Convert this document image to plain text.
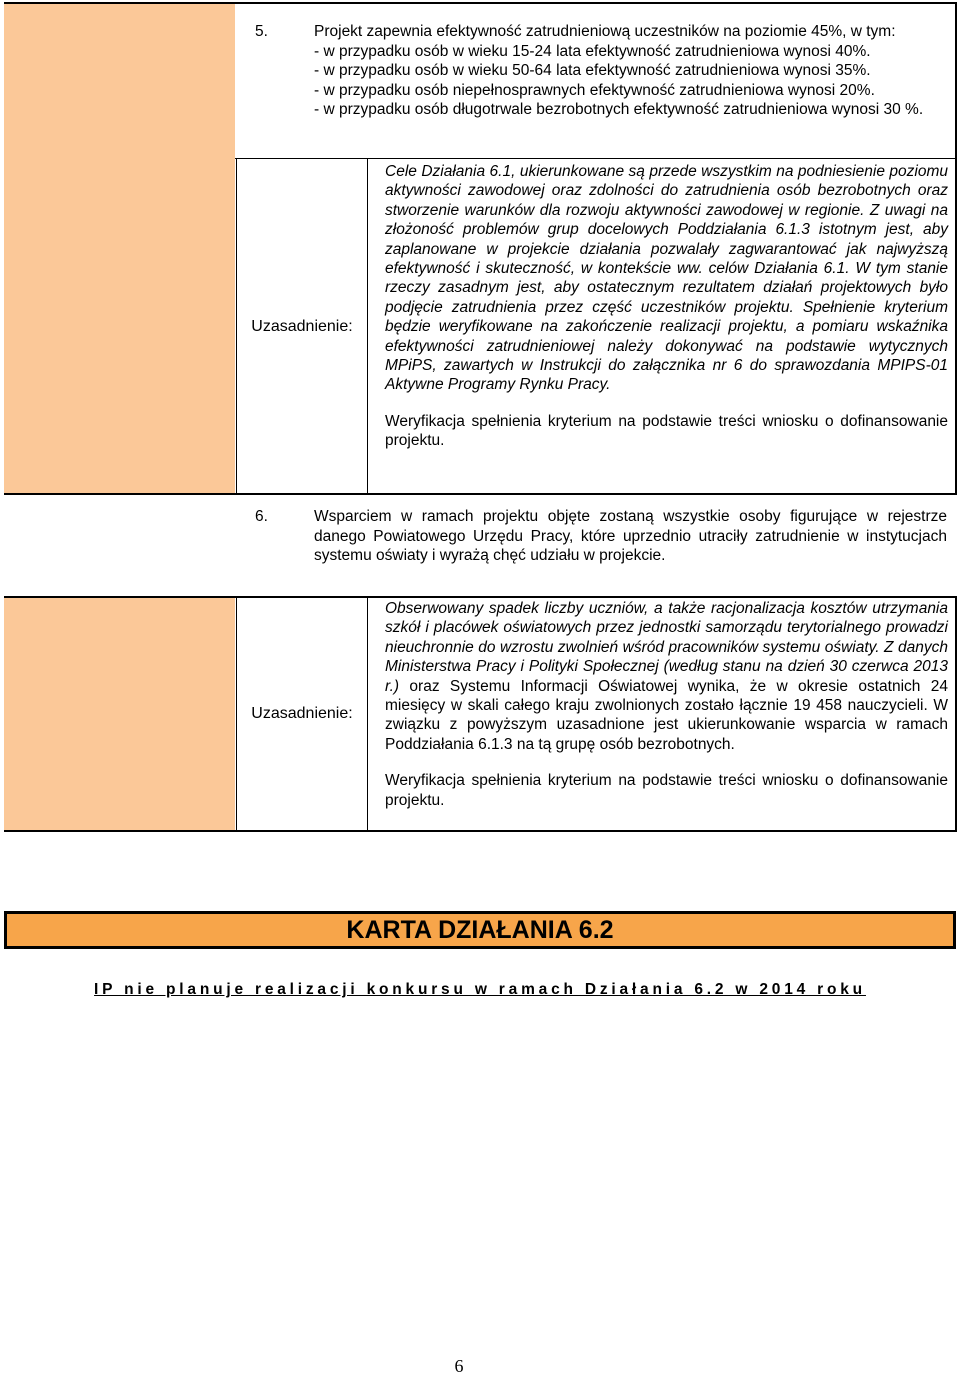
5.	Projekt zapewnia efektywność zatrudnieniową uczestników na poziomie 45%, w tym:

- w przypadku osób w wieku 15-24 lata efektywność zatrudnieniowa wynosi 40%.

- w przypadku osób w wieku 50-64 lata efektywność zatrudnieniowa wynosi 35%.

- w przypadku osób niepełnosprawnych efektywność zatrudnieniowa wynosi 20%.

- w przypadku osób długotrwale bezrobotnych efektywność zatrudnieniowa wynosi 30 %.

Uzasadnienie:

Cele Działania 6.1, ukierunkowane są przede wszystkim na podniesienie poziomu aktywności zawodowej oraz zdolności do zatrudnienia osób bezrobotnych oraz stworzenie warunków dla rozwoju aktywności zawodowej w regionie. Z uwagi na złożoność problemów grup docelowych Poddziałania 6.1.3 istotnym jest, aby zaplanowane w projekcie działania pozwalały zagwarantować jak najwyższą efektywność i skuteczność, w kontekście ww. celów Działania 6.1. W tym stanie rzeczy zasadnym jest, aby ostatecznym rezultatem działań projektowych było podjęcie zatrudnienia przez część uczestników projektu. Spełnienie kryterium będzie weryfikowane na zakończenie realizacji projektu, a pomiaru wskaźnika efektywności zatrudnieniowej należy dokonywać na podstawie wytycznych MPiPS, zawartych w Instrukcji do załącznika nr 6 do sprawozdania MPIPS-01 Aktywne Programy Rynku Pracy.

Weryfikacja spełnienia kryterium na podstawie treści wniosku o dofinansowanie projektu.

6.	Wsparciem w ramach projektu objęte zostaną wszystkie osoby figurujące w rejestrze danego Powiatowego Urzędu Pracy, które uprzednio utraciły zatrudnienie w instytucjach systemu oświaty i wyrażą chęć udziału w projekcie.

Uzasadnienie:

Obserwowany spadek liczby uczniów, a także racjonalizacja kosztów utrzymania szkół i placówek oświatowych przez jednostki samorządu terytorialnego prowadzi nieuchronnie do wzrostu zwolnień wśród pracowników systemu oświaty. Z danych Ministerstwa Pracy i Polityki Społecznej (według stanu na dzień 30 czerwca 2013 r.) oraz Systemu Informacji Oświatowej wynika, że w okresie ostatnich 24 miesięcy w skali całego kraju zwolnionych zostało łącznie 19 458 nauczycieli. W związku z powyższym uzasadnione jest ukierunkowanie wsparcia w ramach Poddziałania 6.1.3 na tą grupę osób bezrobotnych.

Weryfikacja spełnienia kryterium na podstawie treści wniosku o dofinansowanie projektu.

KARTA DZIAŁANIA 6.2
IP nie planuje realizacji konkursu w ramach Działania 6.2 w 2014 roku
6
